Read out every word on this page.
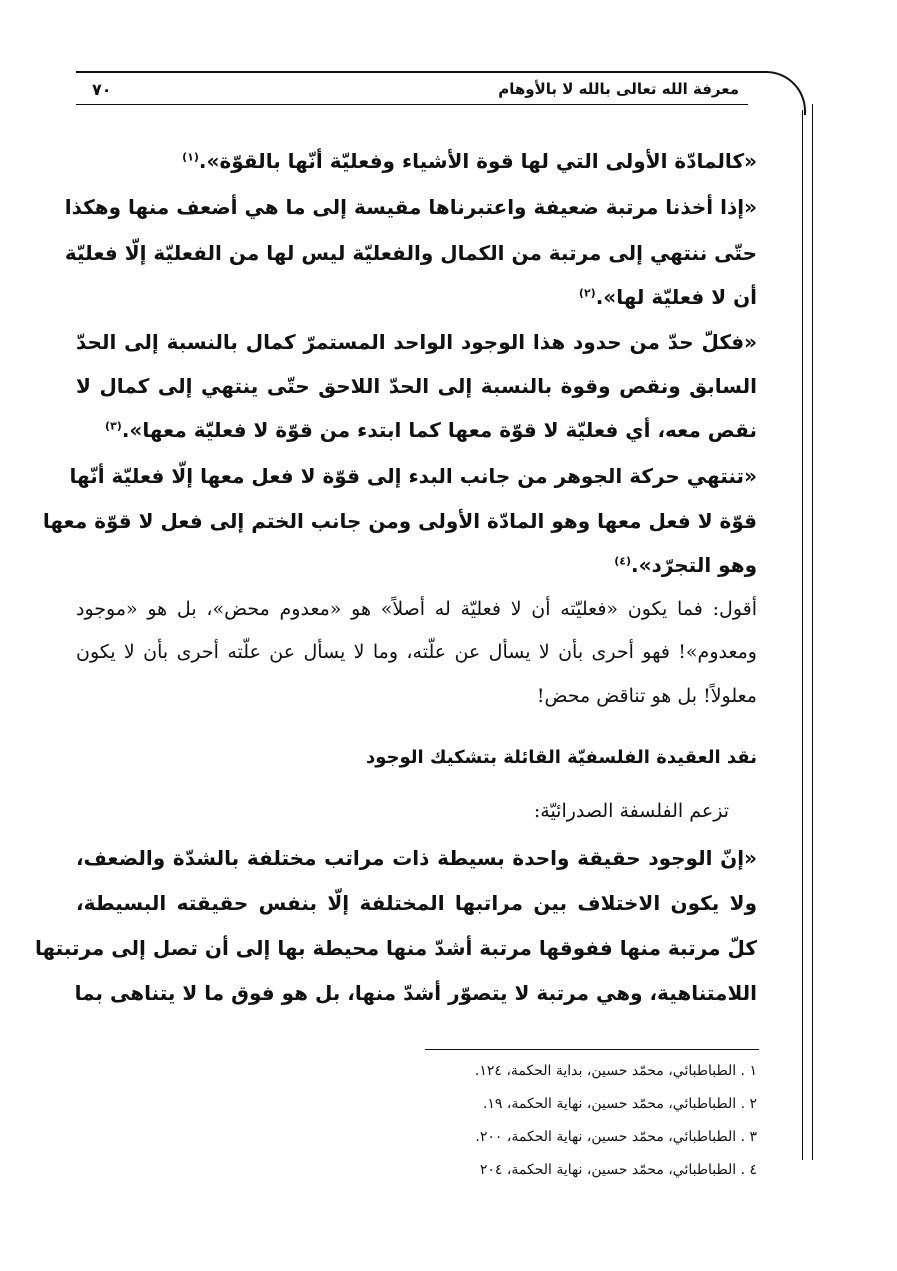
معرفة الله تعالى بالله لا بالأوهام
٧٠
«كالمادّة الأولى التي لها قوة الأشياء وفعليّة أنّها بالقوّة».$^{(١)}$
«إذا أخذنا مرتبة ضعيفة واعتبرناها مقيسة إلى ما هي أضعف منها وهكذا
حتّى ننتهي إلى مرتبة من الكمال والفعليّة ليس لها من الفعليّة إلّا فعليّة
أن لا فعليّة لها».$^{(٢)}$
«فكلّ حدّ من حدود هذا الوجود الواحد المستمرّ كمال بالنسبة إلى الحدّ
السابق ونقص وقوة بالنسبة إلى الحدّ اللاحق حتّى ينتهي إلى كمال لا
نقص معه، أي فعليّة لا قوّة معها كما ابتدء من قوّة لا فعليّة معها».$^{(٣)}$
«تنتهي حركة الجوهر من جانب البدء إلى قوّة لا فعل معها إلّا فعليّة أنّها
قوّة لا فعل معها وهو المادّة الأولى ومن جانب الختم إلى فعل لا قوّة معها
وهو التجرّد».$^{(٤)}$
أقول: فما يكون «فعليّته أن لا فعليّة له أصلاً» هو «معدوم محض»، بل هو «موجود
ومعدوم»! فهو أحرى بأن لا يسأل عن علّته، وما لا يسأل عن علّته أحرى بأن لا يكون
معلولاً! بل هو تناقض محض!
نقد العقيدة الفلسفيّة القائلة بتشكيك الوجود
تزعم الفلسفة الصدرائيّة:
«إنّ الوجود حقيقة واحدة بسيطة ذات مراتب مختلفة بالشدّة والضعف،
ولا يكون الاختلاف بين مراتبها المختلفة إلّا بنفس حقيقته البسيطة،
كلّ مرتبة منها ففوقها مرتبة أشدّ منها محيطة بها إلى أن تصل إلى مرتبتها
اللامتناهية، وهي مرتبة لا يتصوّر أشدّ منها، بل هو فوق ما لا يتناهى بما
١ . الطباطبائي، محمّد حسين، بداية الحكمة، ١٢٤.
٢ . الطباطبائي، محمّد حسين، نهاية الحكمة، ١٩.
٣ . الطباطبائي، محمّد حسين، نهاية الحكمة، ٢٠٠.
٤ . الطباطبائي، محمّد حسين، نهاية الحكمة، ٢٠٤
